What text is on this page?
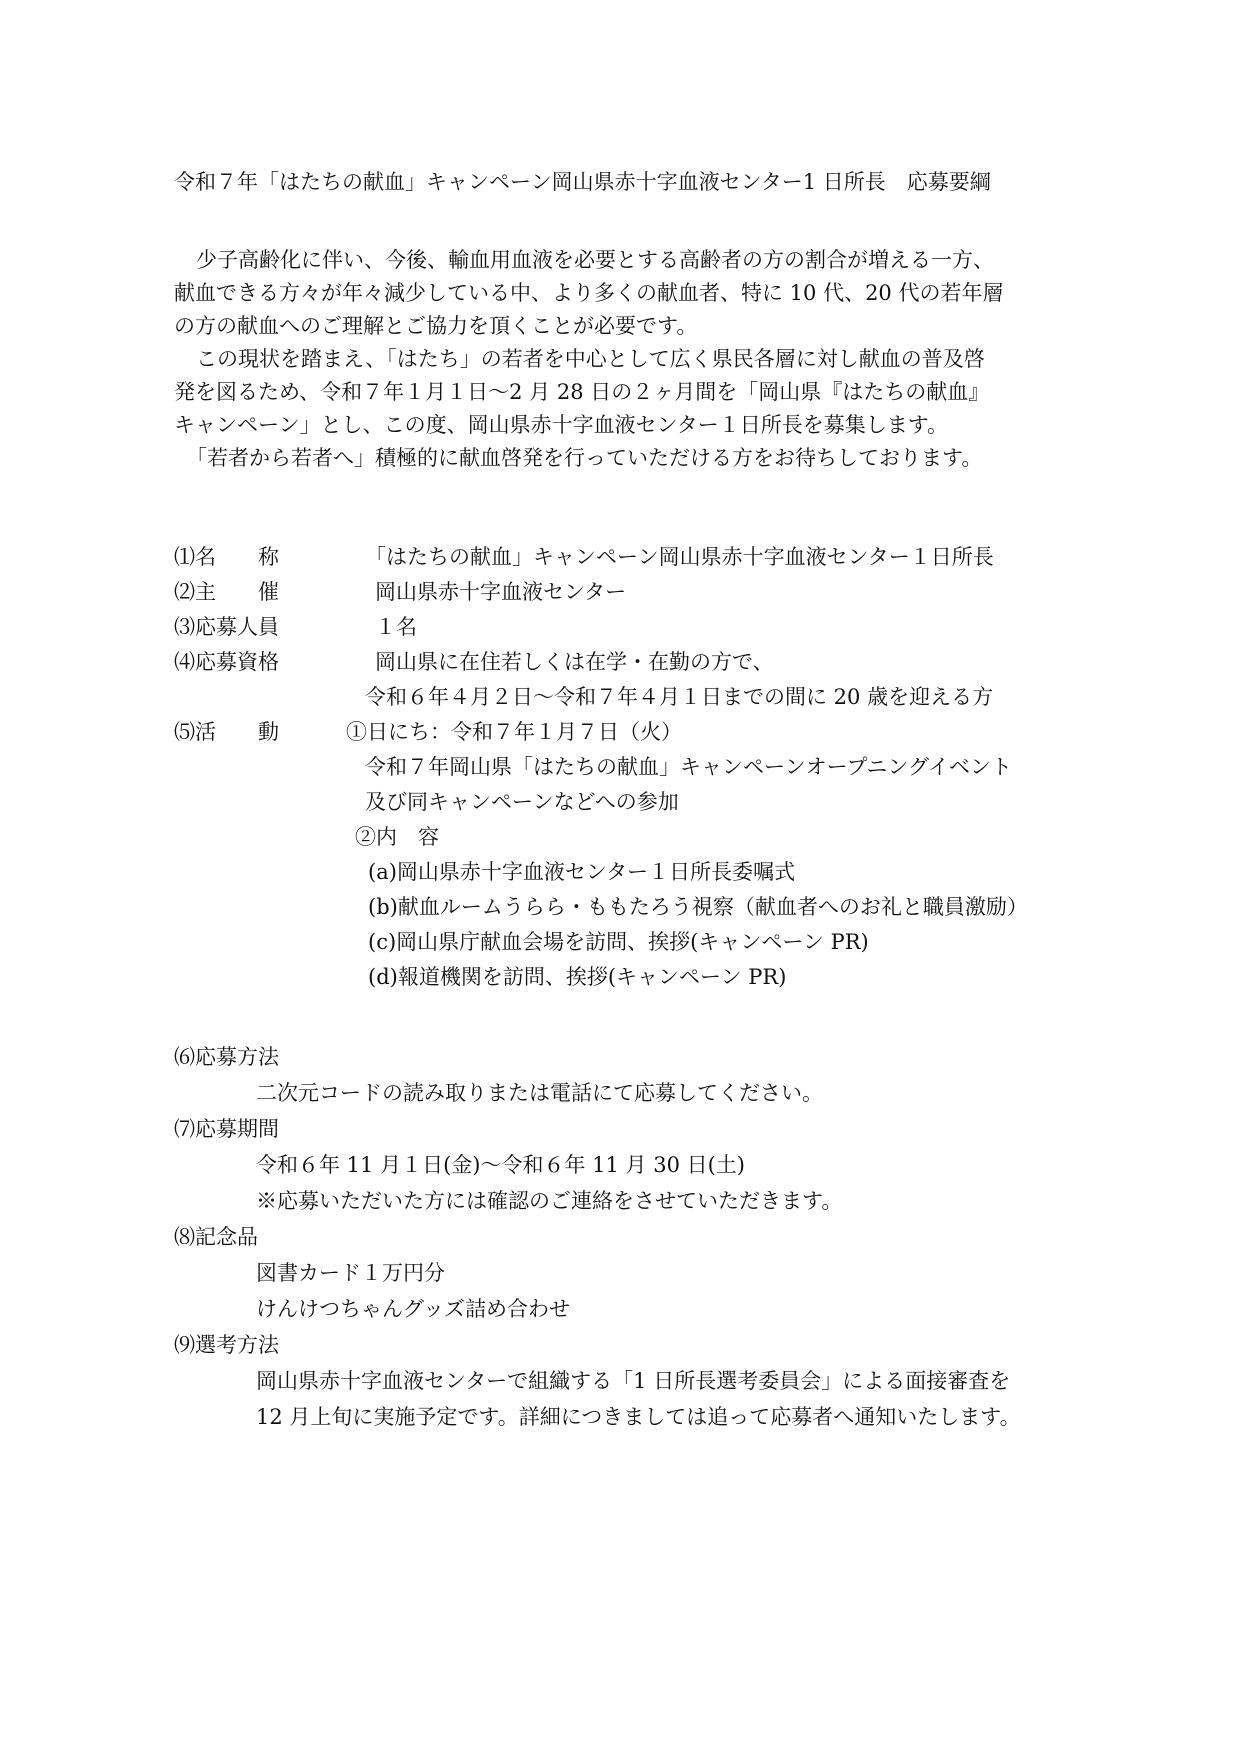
令和７年「はたちの献血」キャンペーン岡山県赤十字血液センター1 日所長　応募要綱
少子高齢化に伴い、今後、輸血用血液を必要とする高齢者の方の割合が増える一方、
献血できる方々が年々減少している中、より多くの献血者、特に 10 代、20 代の若年層
の方の献血へのご理解とご協力を頂くことが必要です。
この現状を踏まえ、「はたち」の若者を中心として広く県民各層に対し献血の普及啓
発を図るため、令和７年１月１日～2 月 28 日の２ヶ月間を「岡山県『はたちの献血』
キャンペーン」とし、この度、岡山県赤十字血液センター１日所長を募集します。
「若者から若者へ」積極的に献血啓発を行っていただける方をお待ちしております。
⑴名　　称	「はたちの献血」キャンペーン岡山県赤十字血液センター１日所長
⑵主　　催	岡山県赤十字血液センター
⑶応募人員	１名
⑷応募資格	岡山県に在住若しくは在学・在勤の方で、
令和６年４月２日～令和７年４月１日までの間に 20 歳を迎える方
⑸活　　動	①日にち：令和７年１月７日（火）
令和７年岡山県「はたちの献血」キャンペーンオープニングイベント
及び同キャンペーンなどへの参加
②内　容
(a)岡山県赤十字血液センター１日所長委嘱式
(b)献血ルームうらら・ももたろう視察（献血者へのお礼と職員激励）
(c)岡山県庁献血会場を訪問、挨拶(キャンペーン PR)
(d)報道機関を訪問、挨拶(キャンペーン PR)
⑹応募方法
二次元コードの読み取りまたは電話にて応募してください。
⑺応募期間
令和６年 11 月１日(金)～令和６年 11 月 30 日(土)
※応募いただいた方には確認のご連絡をさせていただきます。
⑻記念品
図書カード１万円分
けんけつちゃんグッズ詰め合わせ
⑼選考方法
岡山県赤十字血液センターで組織する「1 日所長選考委員会」による面接審査を
12 月上旬に実施予定です。詳細につきましては追って応募者へ通知いたします。
